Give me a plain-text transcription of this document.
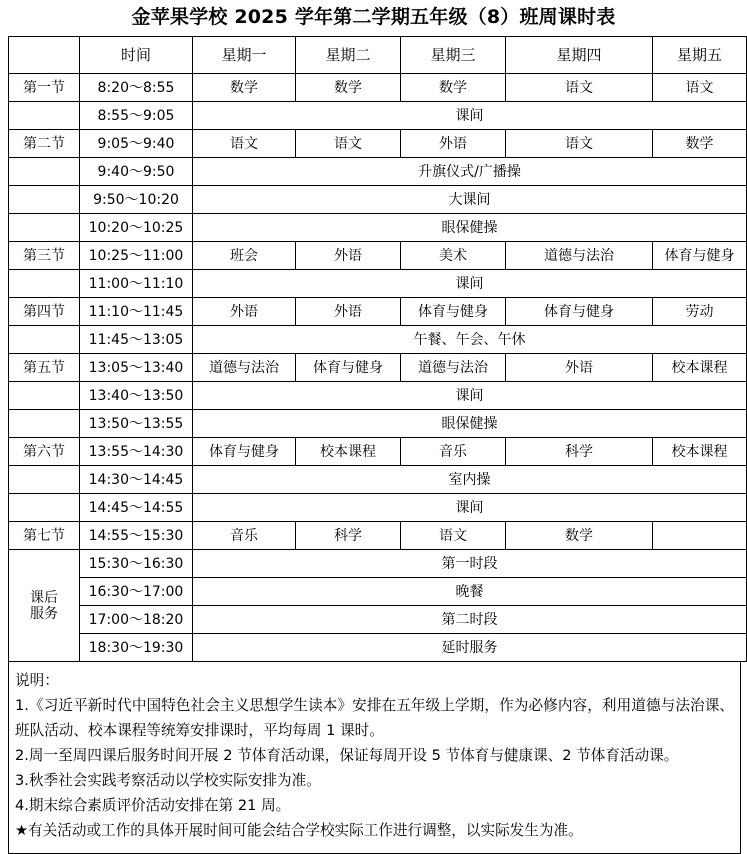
金苹果学校 2025 学年第二学期五年级（8）班周课时表
	时间	星期一	星期二	星期三	星期四	星期五
第一节	8:20～8:55	数学	数学	数学	语文	语文
	8:55～9:05	课间				
第二节	9:05～9:40	语文	语文	外语	语文	数学
	9:40～9:50	升旗仪式/广播操				
	9:50～10:20	大课间				
	10:20～10:25	眼保健操				
第三节	10:25～11:00	班会	外语	美术	道德与法治	体育与健身
	11:00～11:10	课间				
第四节	11:10～11:45	外语	外语	体育与健身	体育与健身	劳动
	11:45～13:05	午餐、午会、午休				
第五节	13:05～13:40	道德与法治	体育与健身	道德与法治	外语	校本课程
	13:40～13:50	课间				
	13:50～13:55	眼保健操				
第六节	13:55～14:30	体育与健身	校本课程	音乐	科学	校本课程
	14:30～14:45	室内操				
	14:45～14:55	课间				
第七节	14:55～15:30	音乐	科学	语文	数学	

课后
服务	15:30～16:30	第一时段				
	16:30～17:00	晚餐				
	17:00～18:20	第二时段				
	18:30～19:30	延时服务				

说明：

1.《习近平新时代中国特色社会主义思想学生读本》安排在五年级上学期，作为必修内容，利用道德与法治课、班队活动、校本课程等统筹安排课时，平均每周 1 课时。

2.周一至周四课后服务时间开展 2 节体育活动课，保证每周开设 5 节体育与健康课、2 节体育活动课。

3.秋季社会实践考察活动以学校实际安排为准。

4.期末综合素质评价活动安排在第 21 周。

★有关活动或工作的具体开展时间可能会结合学校实际工作进行调整，以实际发生为准。
